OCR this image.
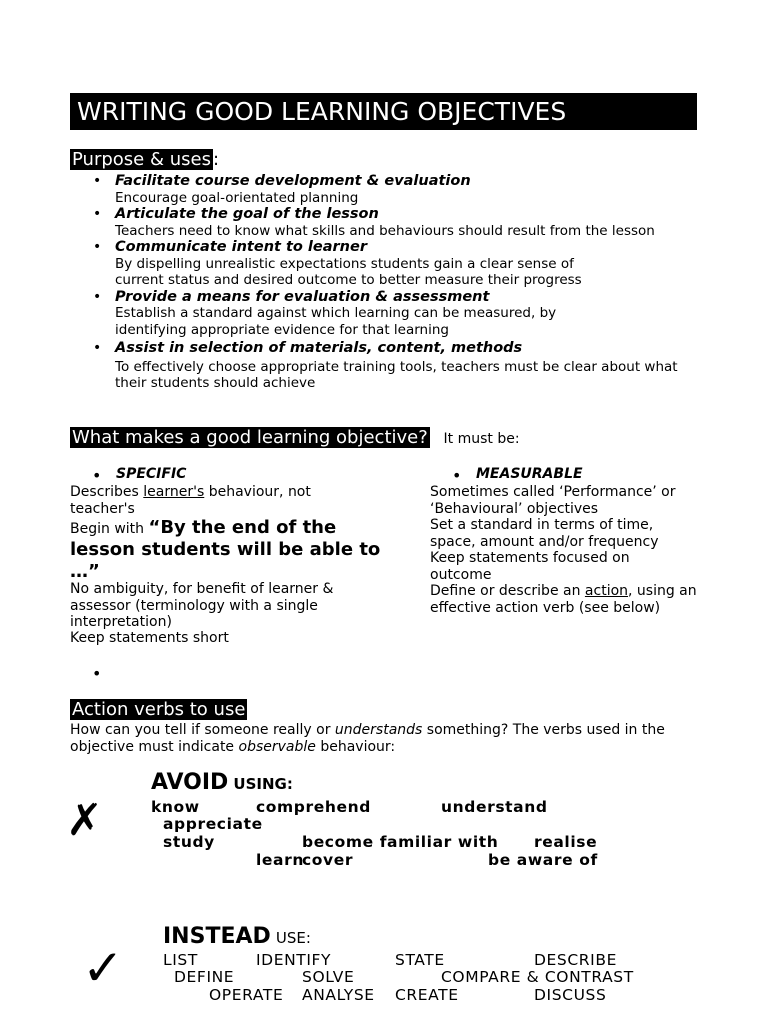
WRITING GOOD LEARNING OBJECTIVES
Purpose & uses :
• Facilitate course development & evaluation
Encourage goal-orientated planning
• Articulate the goal of the lesson
Teachers need to know what skills and behaviours should result from the lesson
• Communicate intent to learner
By dispelling unrealistic expectations students gain a clear sense of current status and desired outcome to better measure their progress
• Provide a means for evaluation & assessment
Establish a standard against which learning can be measured, by identifying appropriate evidence for that learning
• Assist in selection of materials, content, methods
To effectively choose appropriate training tools, teachers must be clear about what their students should achieve
What makes a good learning objective? It must be:
• SPECIFIC
Describes learner's behaviour, not teacher's
Begin with “By the end of the lesson students will be able to …”
No ambiguity, for benefit of learner & assessor (terminology with a single interpretation)
Keep statements short
•
• MEASURABLE
Sometimes called ‘Performance’ or ‘Behavioural’ objectives
Set a standard in terms of time, space, amount and/or frequency
Keep statements focused on outcome
Define or describe an action, using an effective action verb (see below)
Action verbs to use
How can you tell if someone really or understands something? The verbs used in the objective must indicate observable behaviour:
✗
AVOID USING:
know	comprehend	understand
appreciate
study	become familiar with realise
learn
cover	be aware of
✓
INSTEAD USE:
LIST	IDENTIFY	STATE	DESCRIBE
DEFINE	SOLVE	COMPARE & CONTRAST
OPERATE ANALYSE CREATE	DISCUSS
